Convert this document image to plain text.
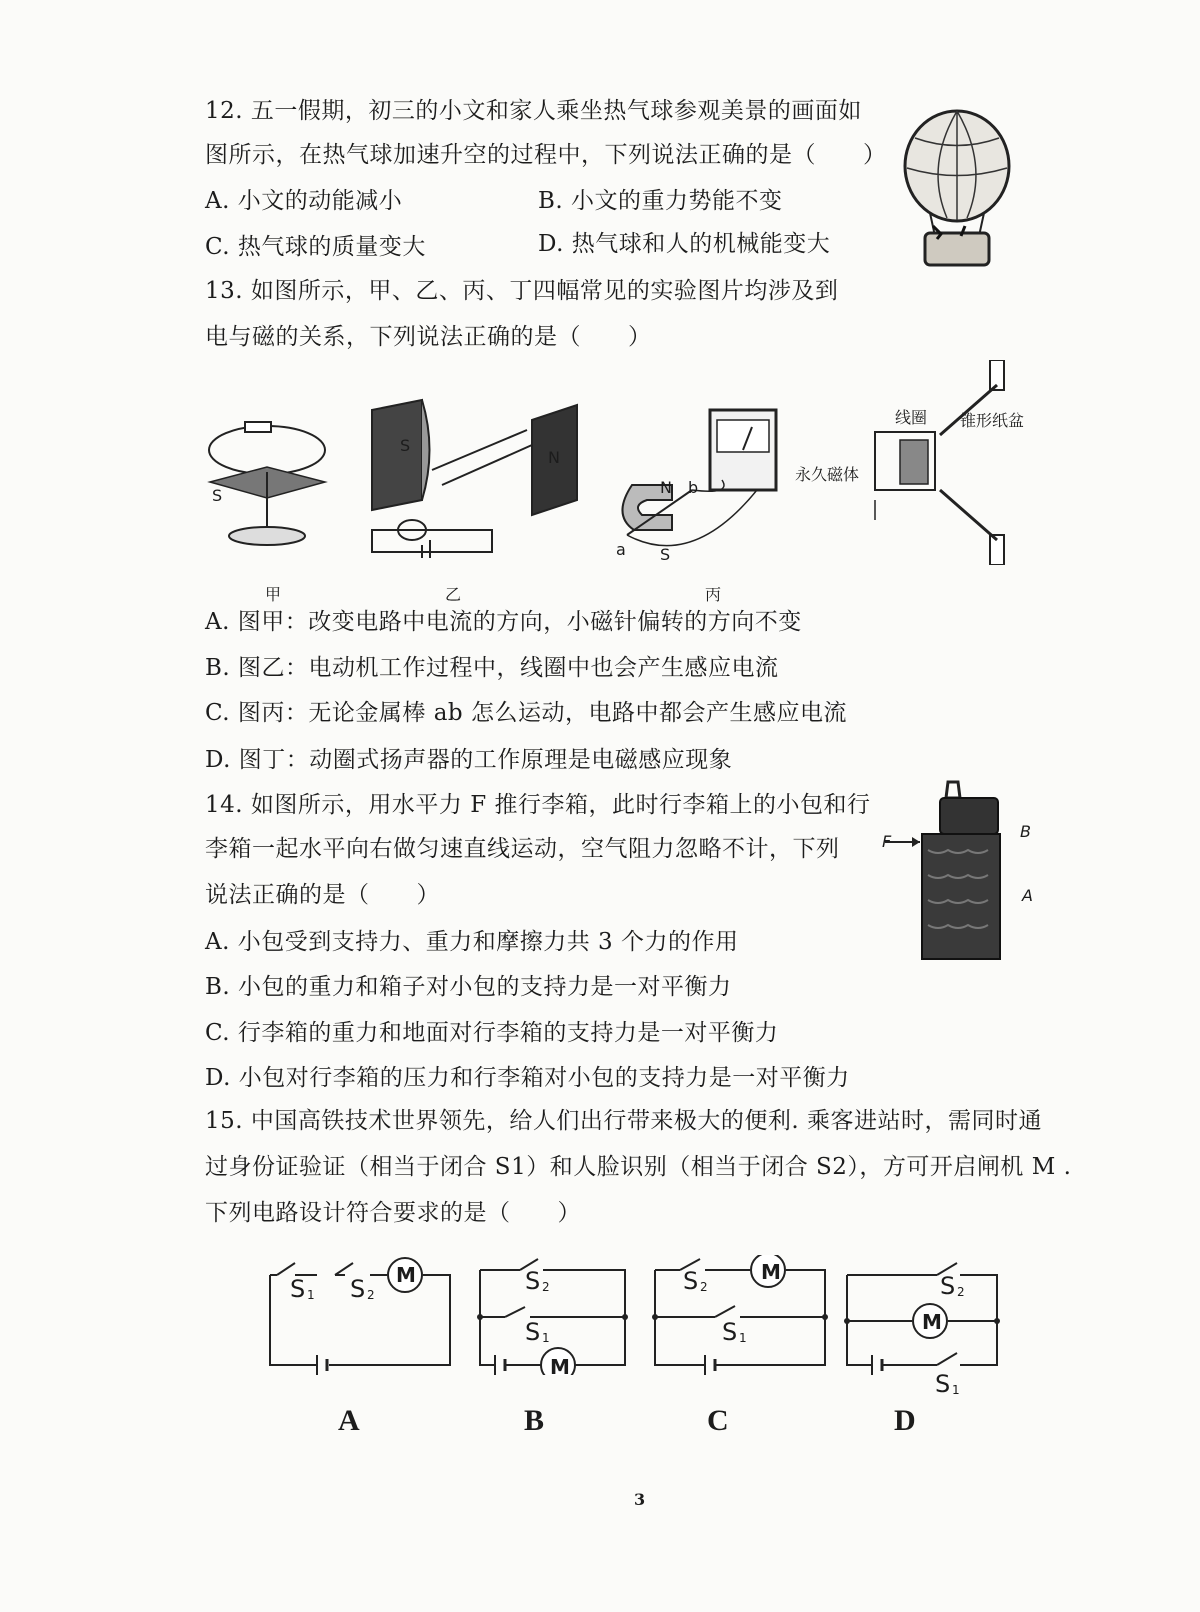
12. 五一假期，初三的小文和家人乘坐热气球参观美景的画面如
图所示，在热气球加速升空的过程中，下列说法正确的是（　　）
A. 小文的动能减小	B. 小文的重力势能不变
C. 热气球的质量变大	D. 热气球和人的机械能变大
13. 如图所示，甲、乙、丙、丁四幅常见的实验图片均涉及到
电与磁的关系，下列说法正确的是（　　）
S
S
N
N b
a S
线圈 锥形纸盆
永久磁体
甲	乙	丙
A. 图甲：改变电路中电流的方向，小磁针偏转的方向不变
B. 图乙：电动机工作过程中，线圈中也会产生感应电流
C. 图丙：无论金属棒 ab 怎么运动，电路中都会产生感应电流
D. 图丁：动圈式扬声器的工作原理是电磁感应现象
14. 如图所示，用水平力 F 推行李箱，此时行李箱上的小包和行
李箱一起水平向右做匀速直线运动，空气阻力忽略不计，下列
说法正确的是（　　）
F
B
A
A. 小包受到支持力、重力和摩擦力共 3 个力的作用
B. 小包的重力和箱子对小包的支持力是一对平衡力
C. 行李箱的重力和地面对行李箱的支持力是一对平衡力
D. 小包对行李箱的压力和行李箱对小包的支持力是一对平衡力
15. 中国高铁技术世界领先，给人们出行带来极大的便利. 乘客进站时，需同时通
过身份证验证（相当于闭合 S1）和人脸识别（相当于闭合 S2），方可开启闸机 M .
下列电路设计符合要求的是（　　）
M
S 1 S 2
M
S 2
S 1
M
S 2
S 1
M
S 2
S 1
A	B	C	D
3
